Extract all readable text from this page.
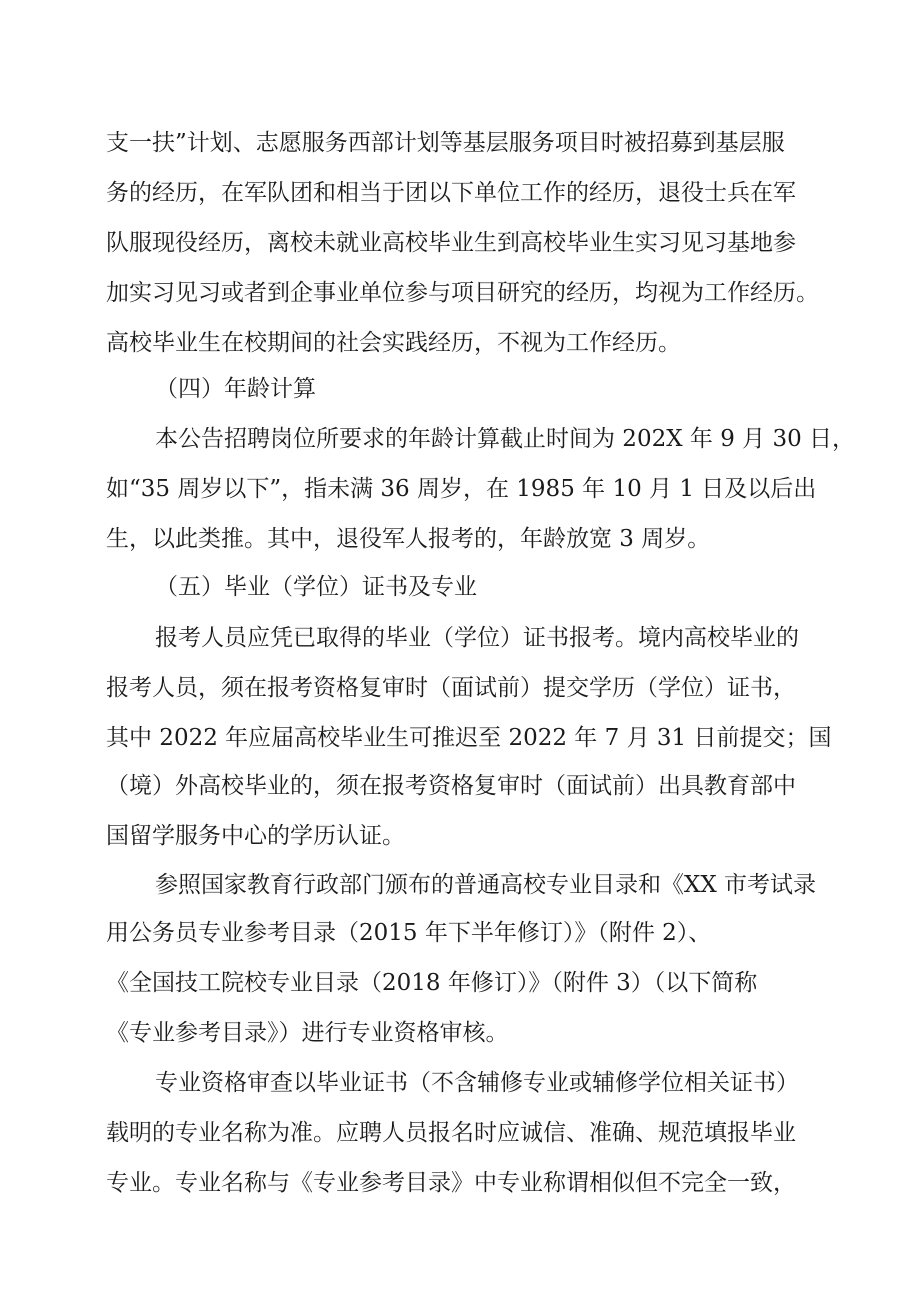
支一扶”计划、志愿服务西部计划等基层服务项目时被招募到基层服
务的经历，在军队团和相当于团以下单位工作的经历，退役士兵在军
队服现役经历，离校未就业高校毕业生到高校毕业生实习见习基地参
加实习见习或者到企事业单位参与项目研究的经历，均视为工作经历。
高校毕业生在校期间的社会实践经历，不视为工作经历。
（四）年龄计算
本公告招聘岗位所要求的年龄计算截止时间为 202X 年 9 月 30 日，
如“35 周岁以下”，指未满 36 周岁，在 1985 年 10 月 1 日及以后出
生，以此类推。其中，退役军人报考的，年龄放宽 3 周岁。
（五）毕业（学位）证书及专业
报考人员应凭已取得的毕业（学位）证书报考。境内高校毕业的
报考人员，须在报考资格复审时（面试前）提交学历（学位）证书，
其中 2022 年应届高校毕业生可推迟至 2022 年 7 月 31 日前提交；国
（境）外高校毕业的，须在报考资格复审时（面试前）出具教育部中
国留学服务中心的学历认证。
参照国家教育行政部门颁布的普通高校专业目录和《XX 市考试录
用公务员专业参考目录（2015 年下半年修订）》（附件 2）、
《全国技工院校专业目录（2018 年修订）》（附件 3）（以下简称
《专业参考目录》）进行专业资格审核。
专业资格审查以毕业证书（不含辅修专业或辅修学位相关证书）
载明的专业名称为准。应聘人员报名时应诚信、准确、规范填报毕业
专业。专业名称与《专业参考目录》中专业称谓相似但不完全一致，
